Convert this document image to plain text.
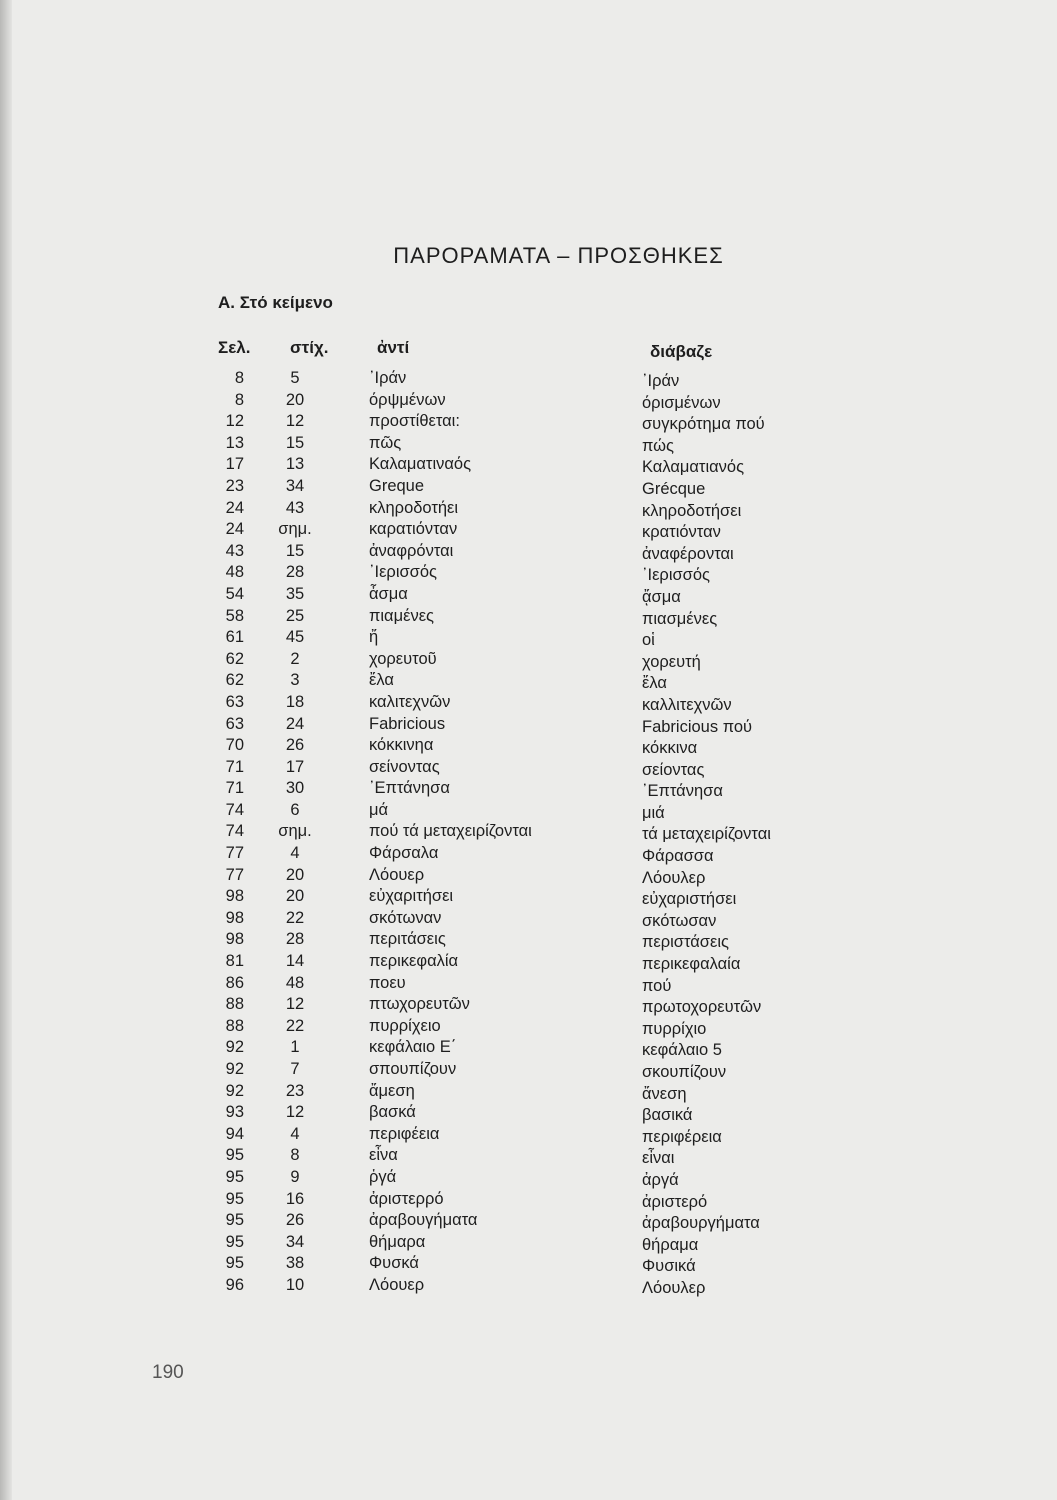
ΠΑΡΟΡΑΜΑΤΑ – ΠΡΟΣΘΗΚΕΣ
Α. Στό κείμενο
Σελ. στίχ.	ἀντί	διάβαζε
8	5	᾿Ιράν	᾿Ιράν
8	20	όρψμένων	όρισμένων
12	12	προστίθεται:	συγκρότημα πού
13	15	πῶς	πώς
17	13	Καλαματιναός	Καλαματιανός
23	34	Greque	Grécque
24	43	κληροδοτήει	κληροδοτήσει
24	σημ.	καρατιόνταν	κρατιόνταν
43	15	ἀναφρόνται	ἀναφέρονται
48	28	᾿Ιερισσός	᾿Ιερισσός
54	35	ἆσμα	ᾄσμα
58	25	πιαμένες	πιασμένες
61	45	ἤ	οἱ
62	2	χορευτοῦ	χορευτή
62	3	ἔλα	ἔλα
63	18	καλιτεχνῶν	καλλιτεχνῶν
63	24	Fabricious	Fabricious πού
70	26	κόκκινηα	κόκκινα
71	17	σείνοντας	σείοντας
71	30	᾿Επτάνησα	᾿Επτάνησα
74	6	μά	μιά
74	σημ.	πού τά μεταχειρίζονται	τά μεταχειρίζονται
77	4	Φάρσαλα	Φάρασσα
77	20	Λόουερ	Λόουλερ
98	20	εὐχαριτήσει	εὐχαριστήσει
98	22	σκότωναν	σκότωσαν
98	28	περιτάσεις	περιστάσεις
81	14	περικεφαλία	περικεφαλαία
86	48	ποευ	πού
88	12	πτωχορευτῶν	πρωτοχορευτῶν
88	22	πυρρίχειο	πυρρίχιο
92	1	κεφάλαιο Ε΄	κεφάλαιο 5
92	7	σπουπίζουν	σκουπίζουν
92	23	ἄμεση	ἄνεση
93	12	βασκά	βασικά
94	4	περιφέεια	περιφέρεια
95	8	εἶνα	εἶναι
95	9	ῥγά	ἀργά
95	16	ἀριστερρό	ἀριστερό
95	26	ἀραβουγήματα	ἀραβουργήματα
95	34	θήμαρα	θήραμα
95	38	Φυσκά	Φυσικά
96	10	Λόουερ	Λόουλερ
190
